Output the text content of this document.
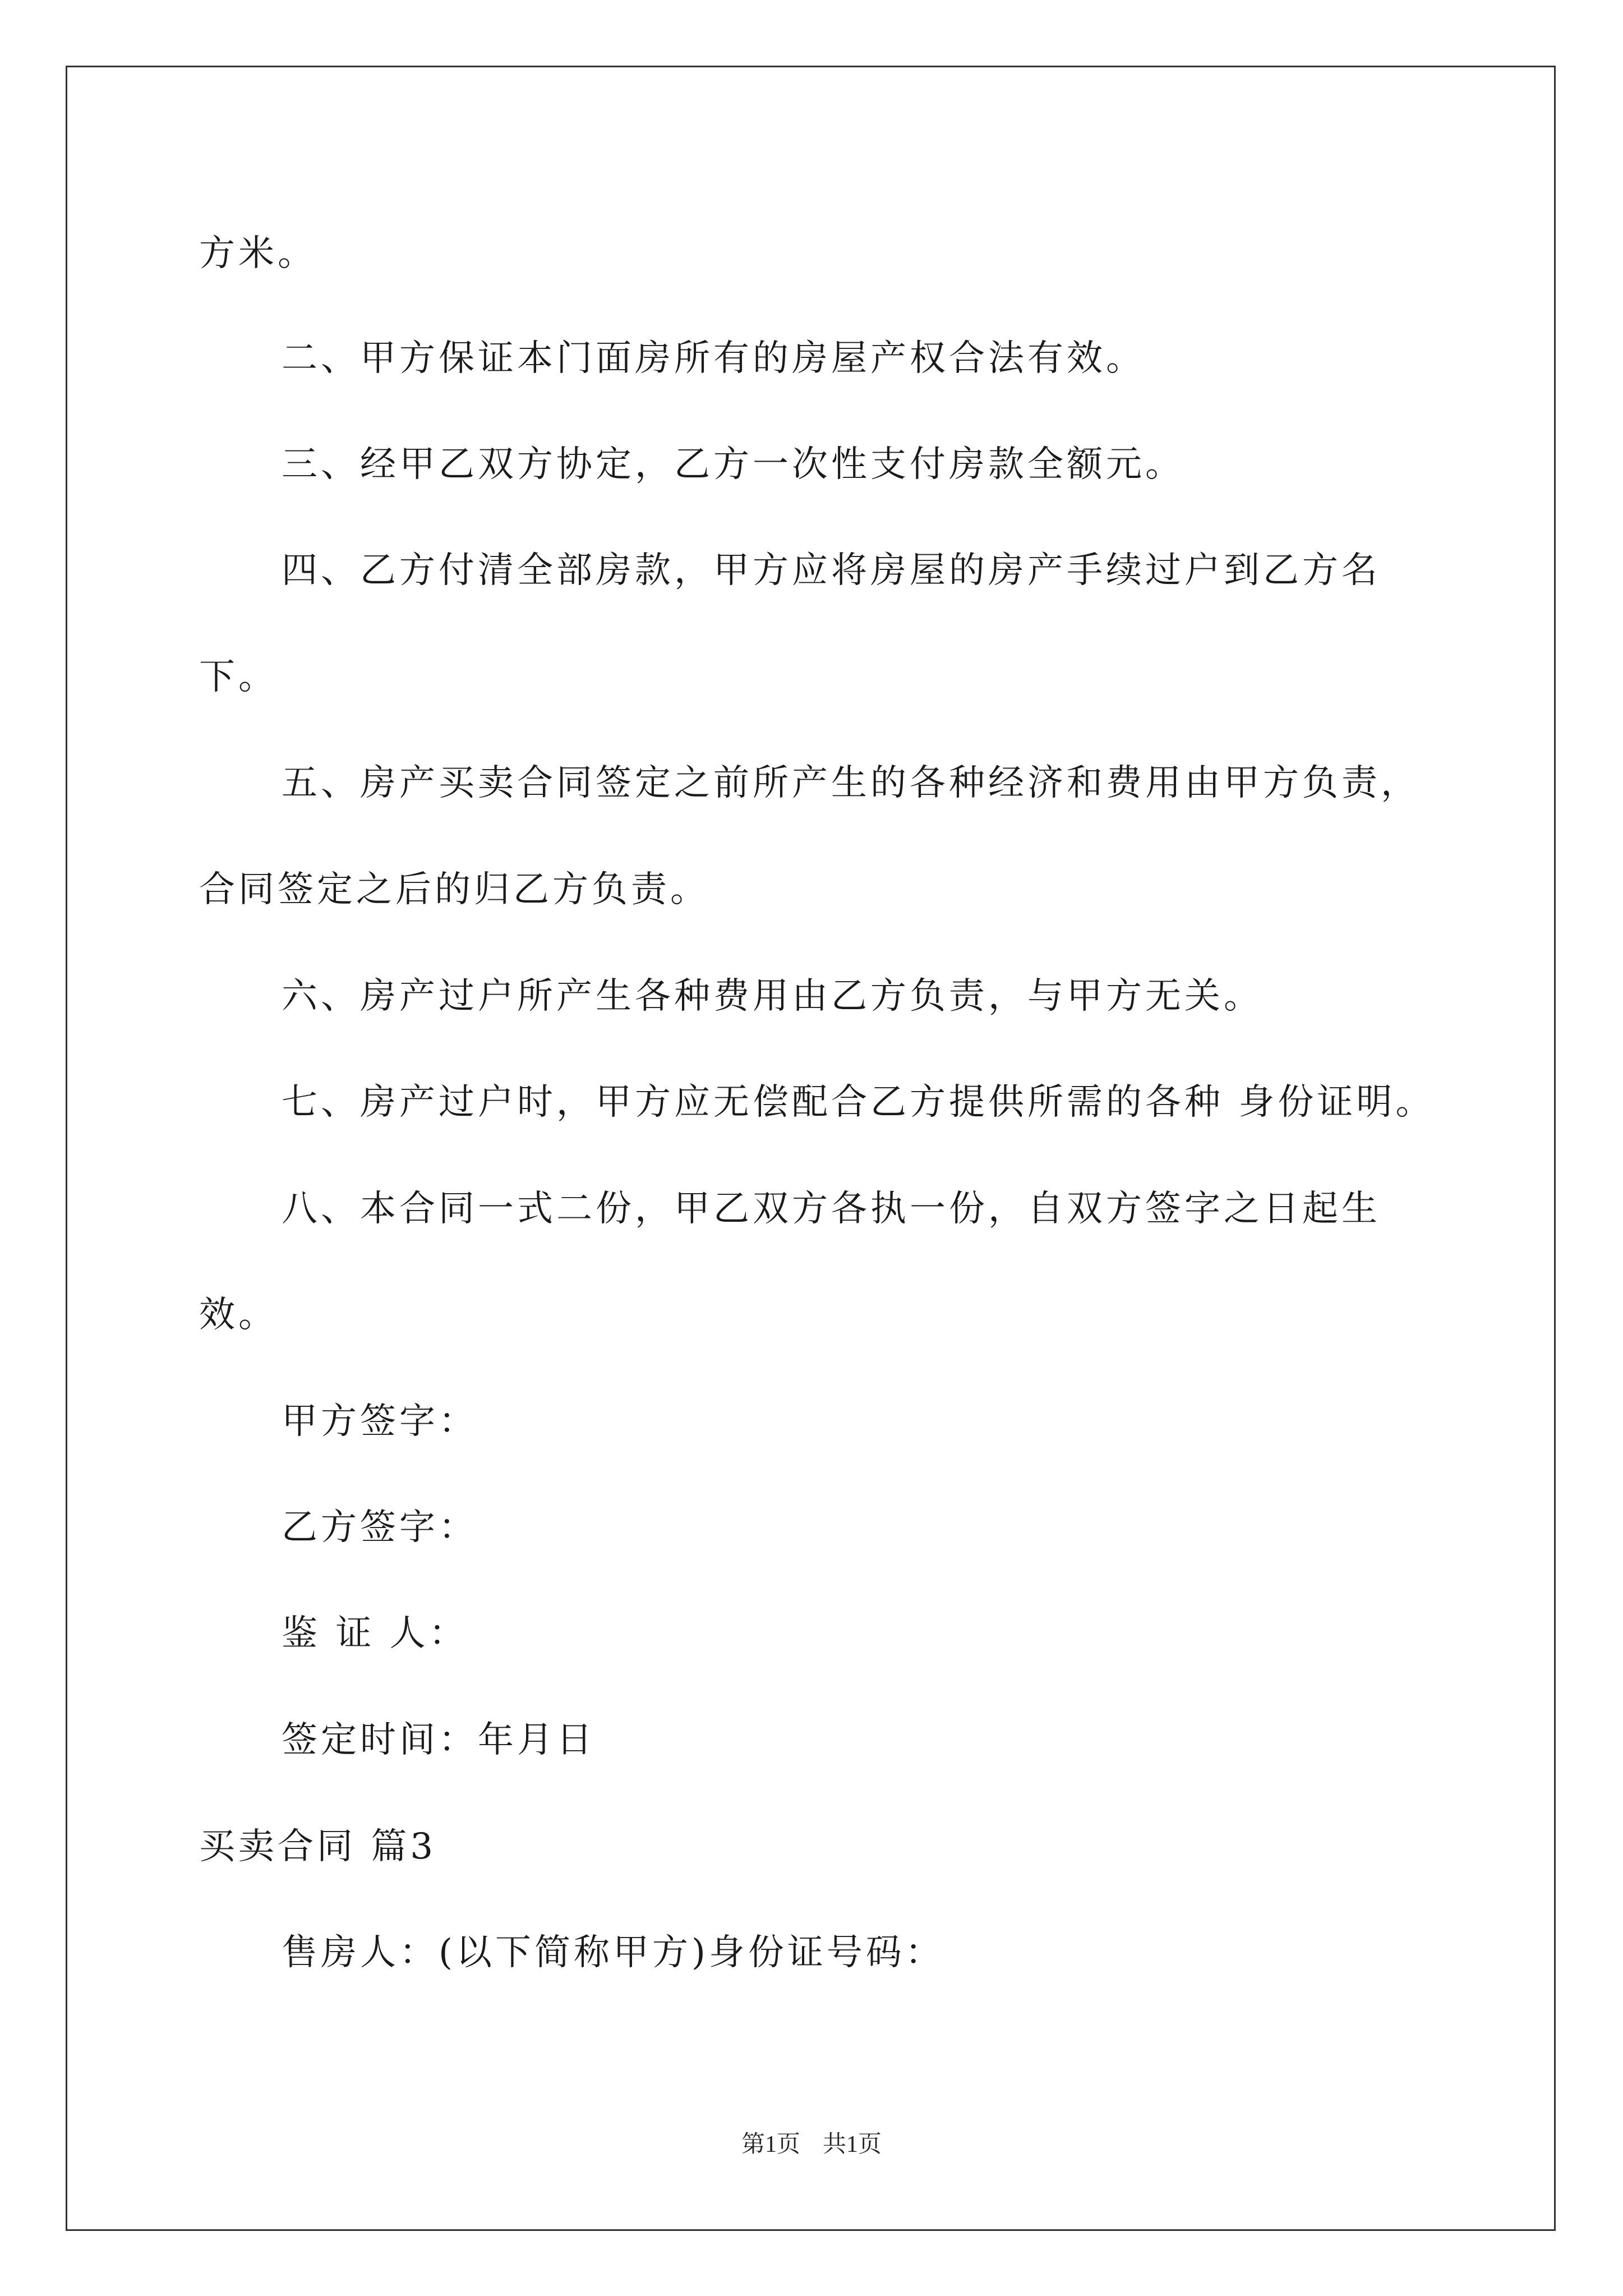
方米。
二、甲方保证本门面房所有的房屋产权合法有效。
三、经甲乙双方协定，乙方一次性支付房款全额元。
四、乙方付清全部房款，甲方应将房屋的房产手续过户到乙方名
下。
五、房产买卖合同签定之前所产生的各种经济和费用由甲方负责，
合同签定之后的归乙方负责。
六、房产过户所产生各种费用由乙方负责，与甲方无关。
七、房产过户时，甲方应无偿配合乙方提供所需的各种 身份证明。
八、本合同一式二份，甲乙双方各执一份，自双方签字之日起生
效。
甲方签字：
乙方签字：
鉴 证 人：
签定时间：年月日
买卖合同 篇3
售房人：(以下简称甲方)身份证号码：
第1页 共1页
